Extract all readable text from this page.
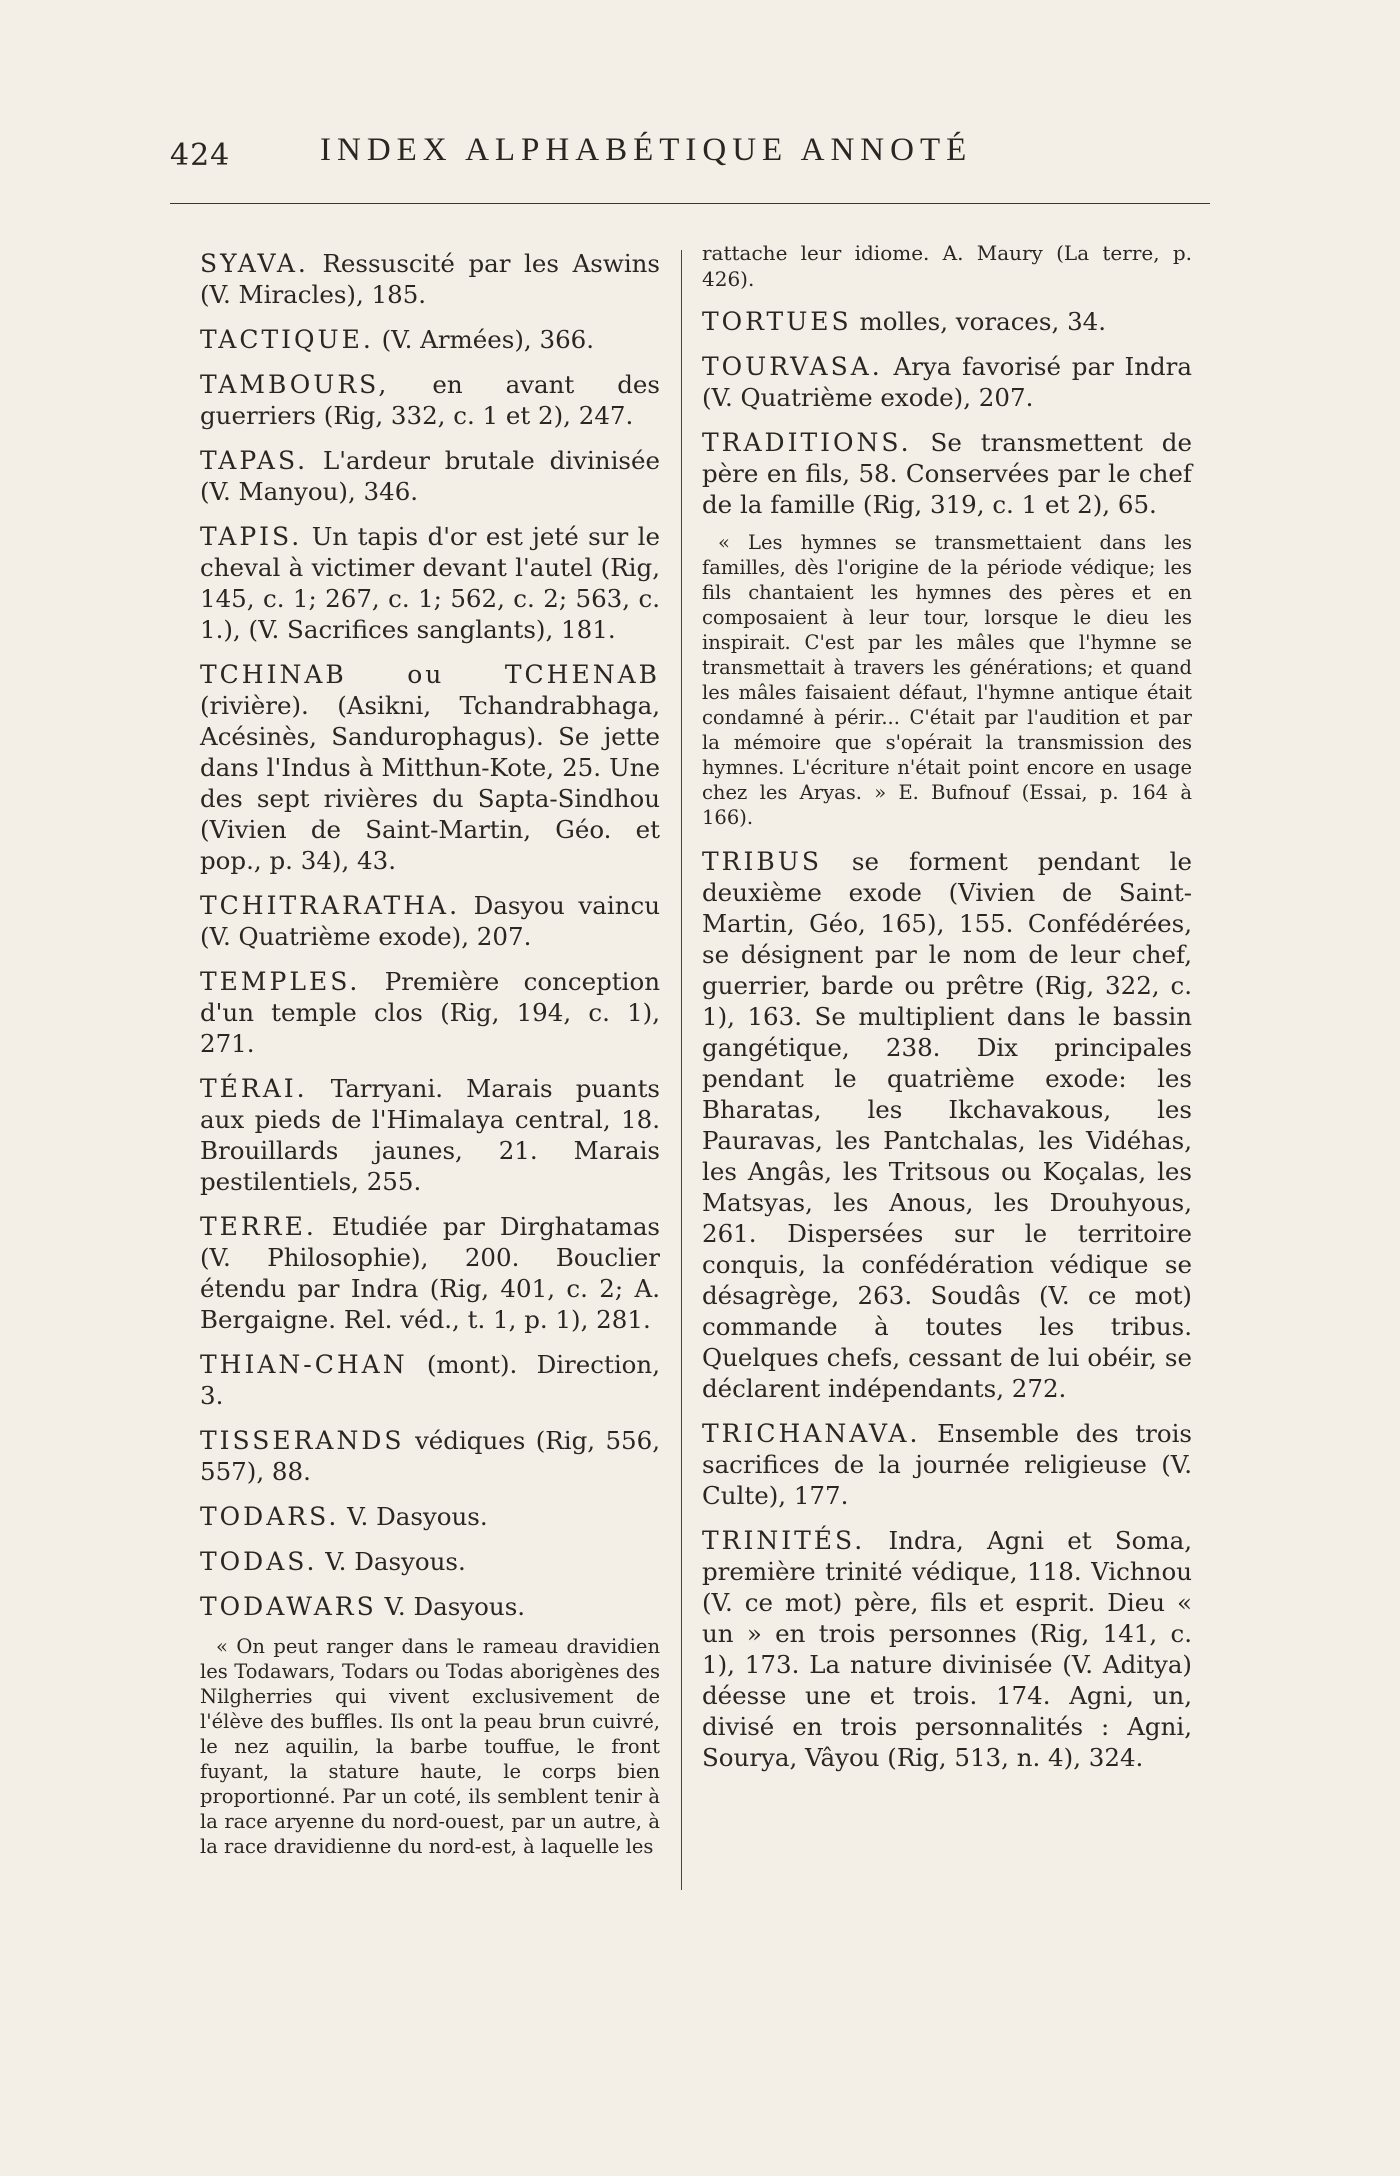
424	INDEX ALPHABÉTIQUE ANNOTÉ

SYAVA. Ressuscité par les Aswins (V. Miracles), 185.

TACTIQUE. (V. Armées), 366.

TAMBOURS, en avant des guerriers (Rig, 332, c. 1 et 2), 247.

TAPAS. L'ardeur brutale divinisée (V. Manyou), 346.

TAPIS. Un tapis d'or est jeté sur le cheval à victimer devant l'autel (Rig, 145, c. 1; 267, c. 1; 562, c. 2; 563, c. 1.), (V. Sacrifices sanglants), 181.

TCHINAB ou TCHENAB (rivière). (Asikni, Tchandrabhaga, Acésinès, Sandurophagus). Se jette dans l'Indus à Mitthun-Kote, 25. Une des sept rivières du Sapta-Sindhou (Vivien de Saint-Martin, Géo. et pop., p. 34), 43.

TCHITRARATHA. Dasyou vaincu (V. Quatrième exode), 207.

TEMPLES. Première conception d'un temple clos (Rig, 194, c. 1), 271.

TÉRAI. Tarryani. Marais puants aux pieds de l'Himalaya central, 18. Brouillards jaunes, 21. Marais pestilentiels, 255.

TERRE. Etudiée par Dirghatamas (V. Philosophie), 200. Bouclier étendu par Indra (Rig, 401, c. 2; A. Bergaigne. Rel. véd., t. 1, p. 1), 281.

THIAN-CHAN (mont). Direction, 3.

TISSERANDS védiques (Rig, 556, 557), 88.

TODARS. V. Dasyous.

TODAS. V. Dasyous.

TODAWARS V. Dasyous.

« On peut ranger dans le rameau dravidien les Todawars, Todars ou Todas aborigènes des Nilgherries qui vivent exclusivement de l'élève des buffles. Ils ont la peau brun cuivré, le nez aquilin, la barbe touffue, le front fuyant, la stature haute, le corps bien proportionné. Par un coté, ils semblent tenir à la race aryenne du nord-ouest, par un autre, à la race dravidienne du nord-est, à laquelle les

rattache leur idiome. A. Maury (La terre, p. 426).

TORTUES molles, voraces, 34.

TOURVASA. Arya favorisé par Indra (V. Quatrième exode), 207.

TRADITIONS. Se transmettent de père en fils, 58. Conservées par le chef de la famille (Rig, 319, c. 1 et 2), 65.

« Les hymnes se transmettaient dans les familles, dès l'origine de la période védique; les fils chantaient les hymnes des pères et en composaient à leur tour, lorsque le dieu les inspirait. C'est par les mâles que l'hymne se transmettait à travers les générations; et quand les mâles faisaient défaut, l'hymne antique était condamné à périr... C'était par l'audition et par la mémoire que s'opérait la transmission des hymnes. L'écriture n'était point encore en usage chez les Aryas. » E. Bufnouf (Essai, p. 164 à 166).

TRIBUS se forment pendant le deuxième exode (Vivien de Saint-Martin, Géo, 165), 155. Confédérées, se désignent par le nom de leur chef, guerrier, barde ou prêtre (Rig, 322, c. 1), 163. Se multiplient dans le bassin gangétique, 238. Dix principales pendant le quatrième exode: les Bharatas, les Ikchavakous, les Pauravas, les Pantchalas, les Vidéhas, les Angâs, les Tritsous ou Koçalas, les Matsyas, les Anous, les Drouhyous, 261. Dispersées sur le territoire conquis, la confédération védique se désagrège, 263. Soudâs (V. ce mot) commande à toutes les tribus. Quelques chefs, cessant de lui obéir, se déclarent indépendants, 272.

TRICHANAVA. Ensemble des trois sacrifices de la journée religieuse (V. Culte), 177.

TRINITÉS. Indra, Agni et Soma, première trinité védique, 118. Vichnou (V. ce mot) père, fils et esprit. Dieu « un » en trois personnes (Rig, 141, c. 1), 173. La nature divinisée (V. Aditya) déesse une et trois. 174. Agni, un, divisé en trois personnalités : Agni, Sourya, Vâyou (Rig, 513, n. 4), 324.
